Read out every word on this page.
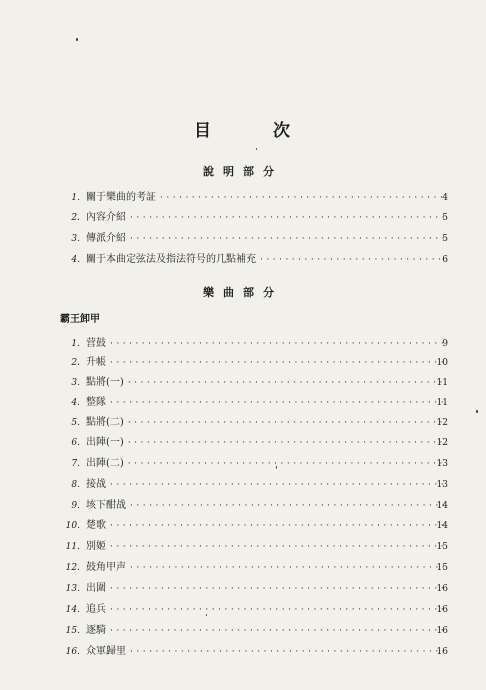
目	次
說明部分
1. 關于樂曲的考証 ·····	4
2. 內容介紹 ·····	5
3. 傳派介紹 ·····	5
4. 關于本曲定弦法及指法符号的几點補充 ·····	6
樂曲部分
霸王卸甲
1. 营鼓 ·····	9
2. 升帳 ·····	10
3. 點將(一) ·····	11
4. 整隊 ·····	11
5. 點將(二) ·····	12
6. 出陣(一) ·····	12
7. 出陣(二) ·····	13
8. 接战 ·····	13
9. 垓下酣战 ·····	14
10. 楚歌 ·····	14
11. 別姬 ·····	15
12. 鼓角甲声 ·····	15
13. 出圍 ·····	16
14. 追兵 ·····	16
15. 逐騎 ·····	16
16. 众軍歸里 ·····	16
